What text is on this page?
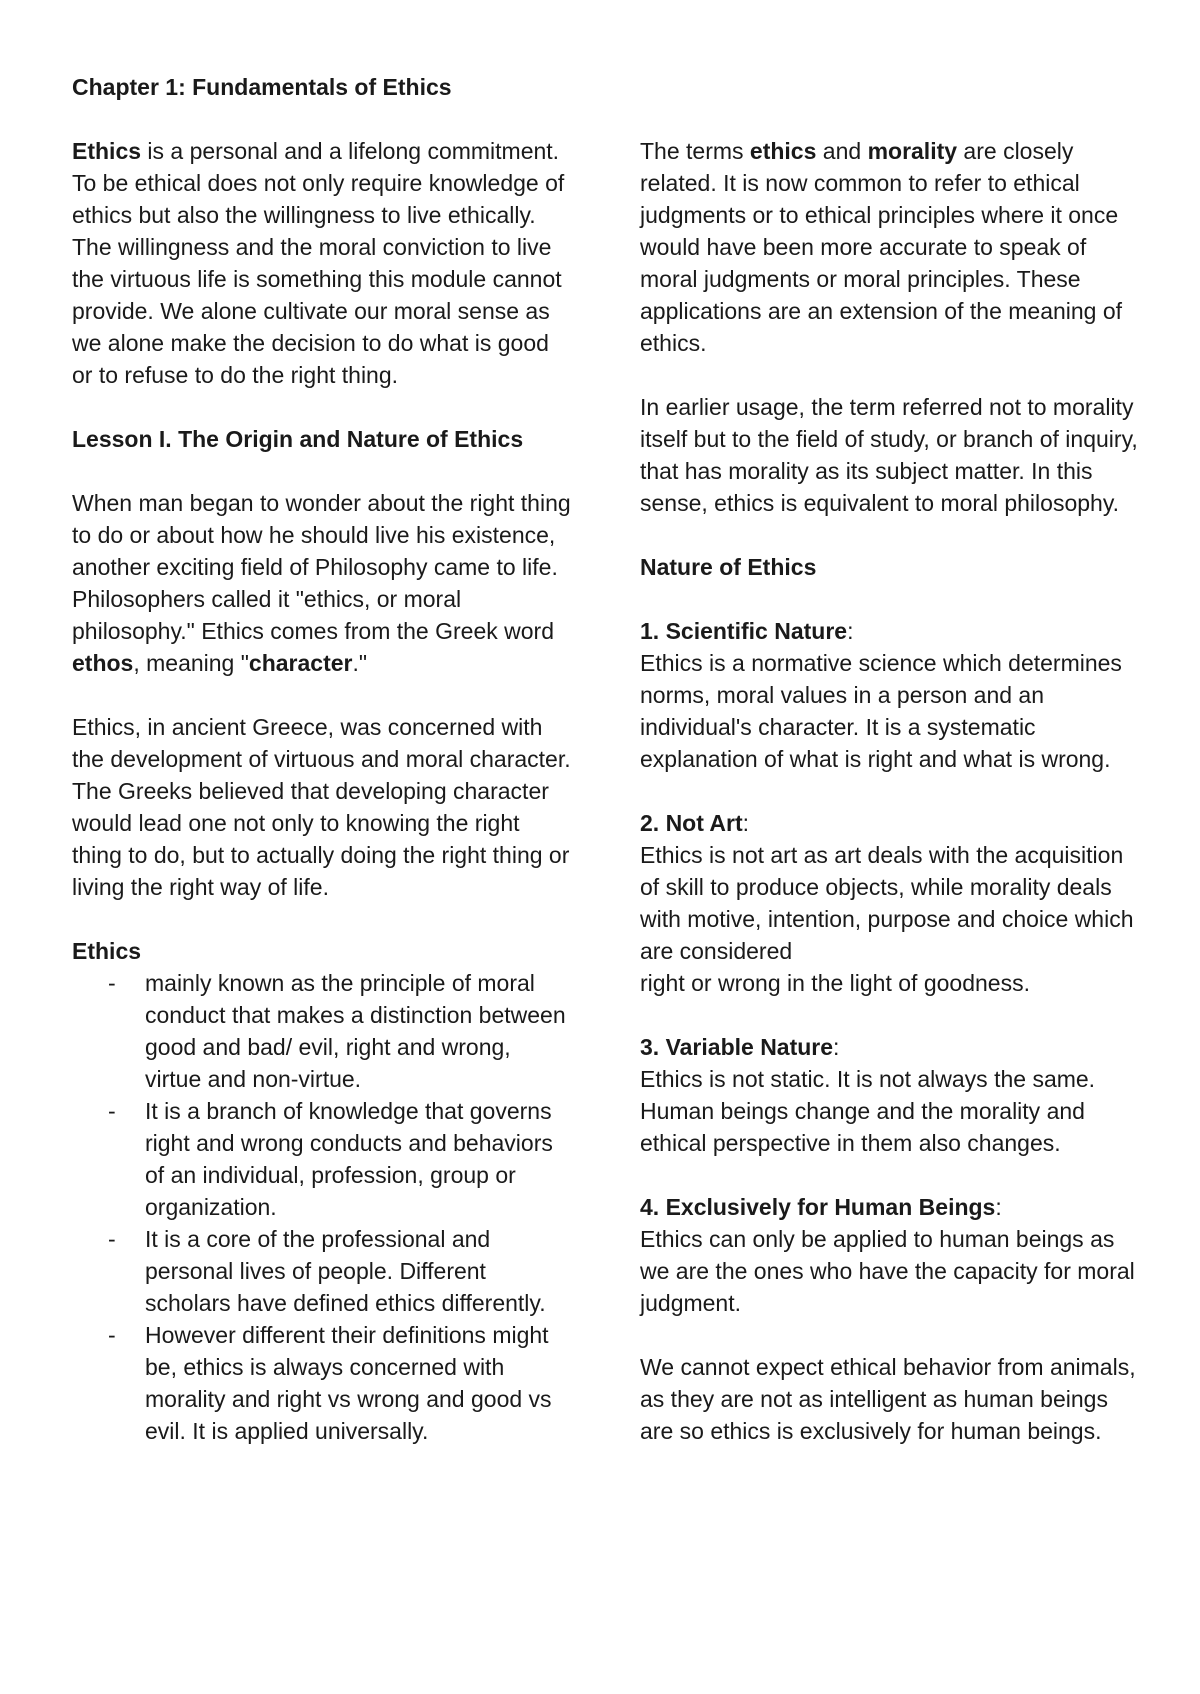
Chapter 1: Fundamentals of Ethics

Ethics is a personal and a lifelong commitment. To be ethical does not only require knowledge of ethics but also the willingness to live ethically. The willingness and the moral conviction to live the virtuous life is something this module cannot provide. We alone cultivate our moral sense as we alone make the decision to do what is good or to refuse to do the right thing.

Lesson I. The Origin and Nature of Ethics

When man began to wonder about the right thing to do or about how he should live his existence, another exciting field of Philosophy came to life. Philosophers called it "ethics, or moral philosophy." Ethics comes from the Greek word ethos, meaning "character."

Ethics, in ancient Greece, was concerned with the development of virtuous and moral character. The Greeks believed that developing character would lead one not only to knowing the right thing to do, but to actually doing the right thing or living the right way of life.

Ethics

- mainly known as the principle of moral conduct that makes a distinction between good and bad/ evil, right and wrong, virtue and non-virtue.
- It is a branch of knowledge that governs right and wrong conducts and behaviors of an individual, profession, group or organization.
- It is a core of the professional and personal lives of people. Different scholars have defined ethics differently.
- However different their definitions might be, ethics is always concerned with morality and right vs wrong and good vs evil. It is applied universally.

The terms ethics and morality are closely related. It is now common to refer to ethical judgments or to ethical principles where it once would have been more accurate to speak of moral judgments or moral principles. These applications are an extension of the meaning of ethics.

In earlier usage, the term referred not to morality itself but to the field of study, or branch of inquiry, that has morality as its subject matter. In this sense, ethics is equivalent to moral philosophy.

Nature of Ethics

1. Scientific Nature:
Ethics is a normative science which determines norms, moral values in a person and an individual's character. It is a systematic explanation of what is right and what is wrong.

2. Not Art:
Ethics is not art as art deals with the acquisition of skill to produce objects, while morality deals with motive, intention, purpose and choice which are considered
right or wrong in the light of goodness.

3. Variable Nature:
Ethics is not static. It is not always the same. Human beings change and the morality and ethical perspective in them also changes.

4. Exclusively for Human Beings:
Ethics can only be applied to human beings as we are the ones who have the capacity for moral judgment.

We cannot expect ethical behavior from animals, as they are not as intelligent as human beings are so ethics is exclusively for human beings.
